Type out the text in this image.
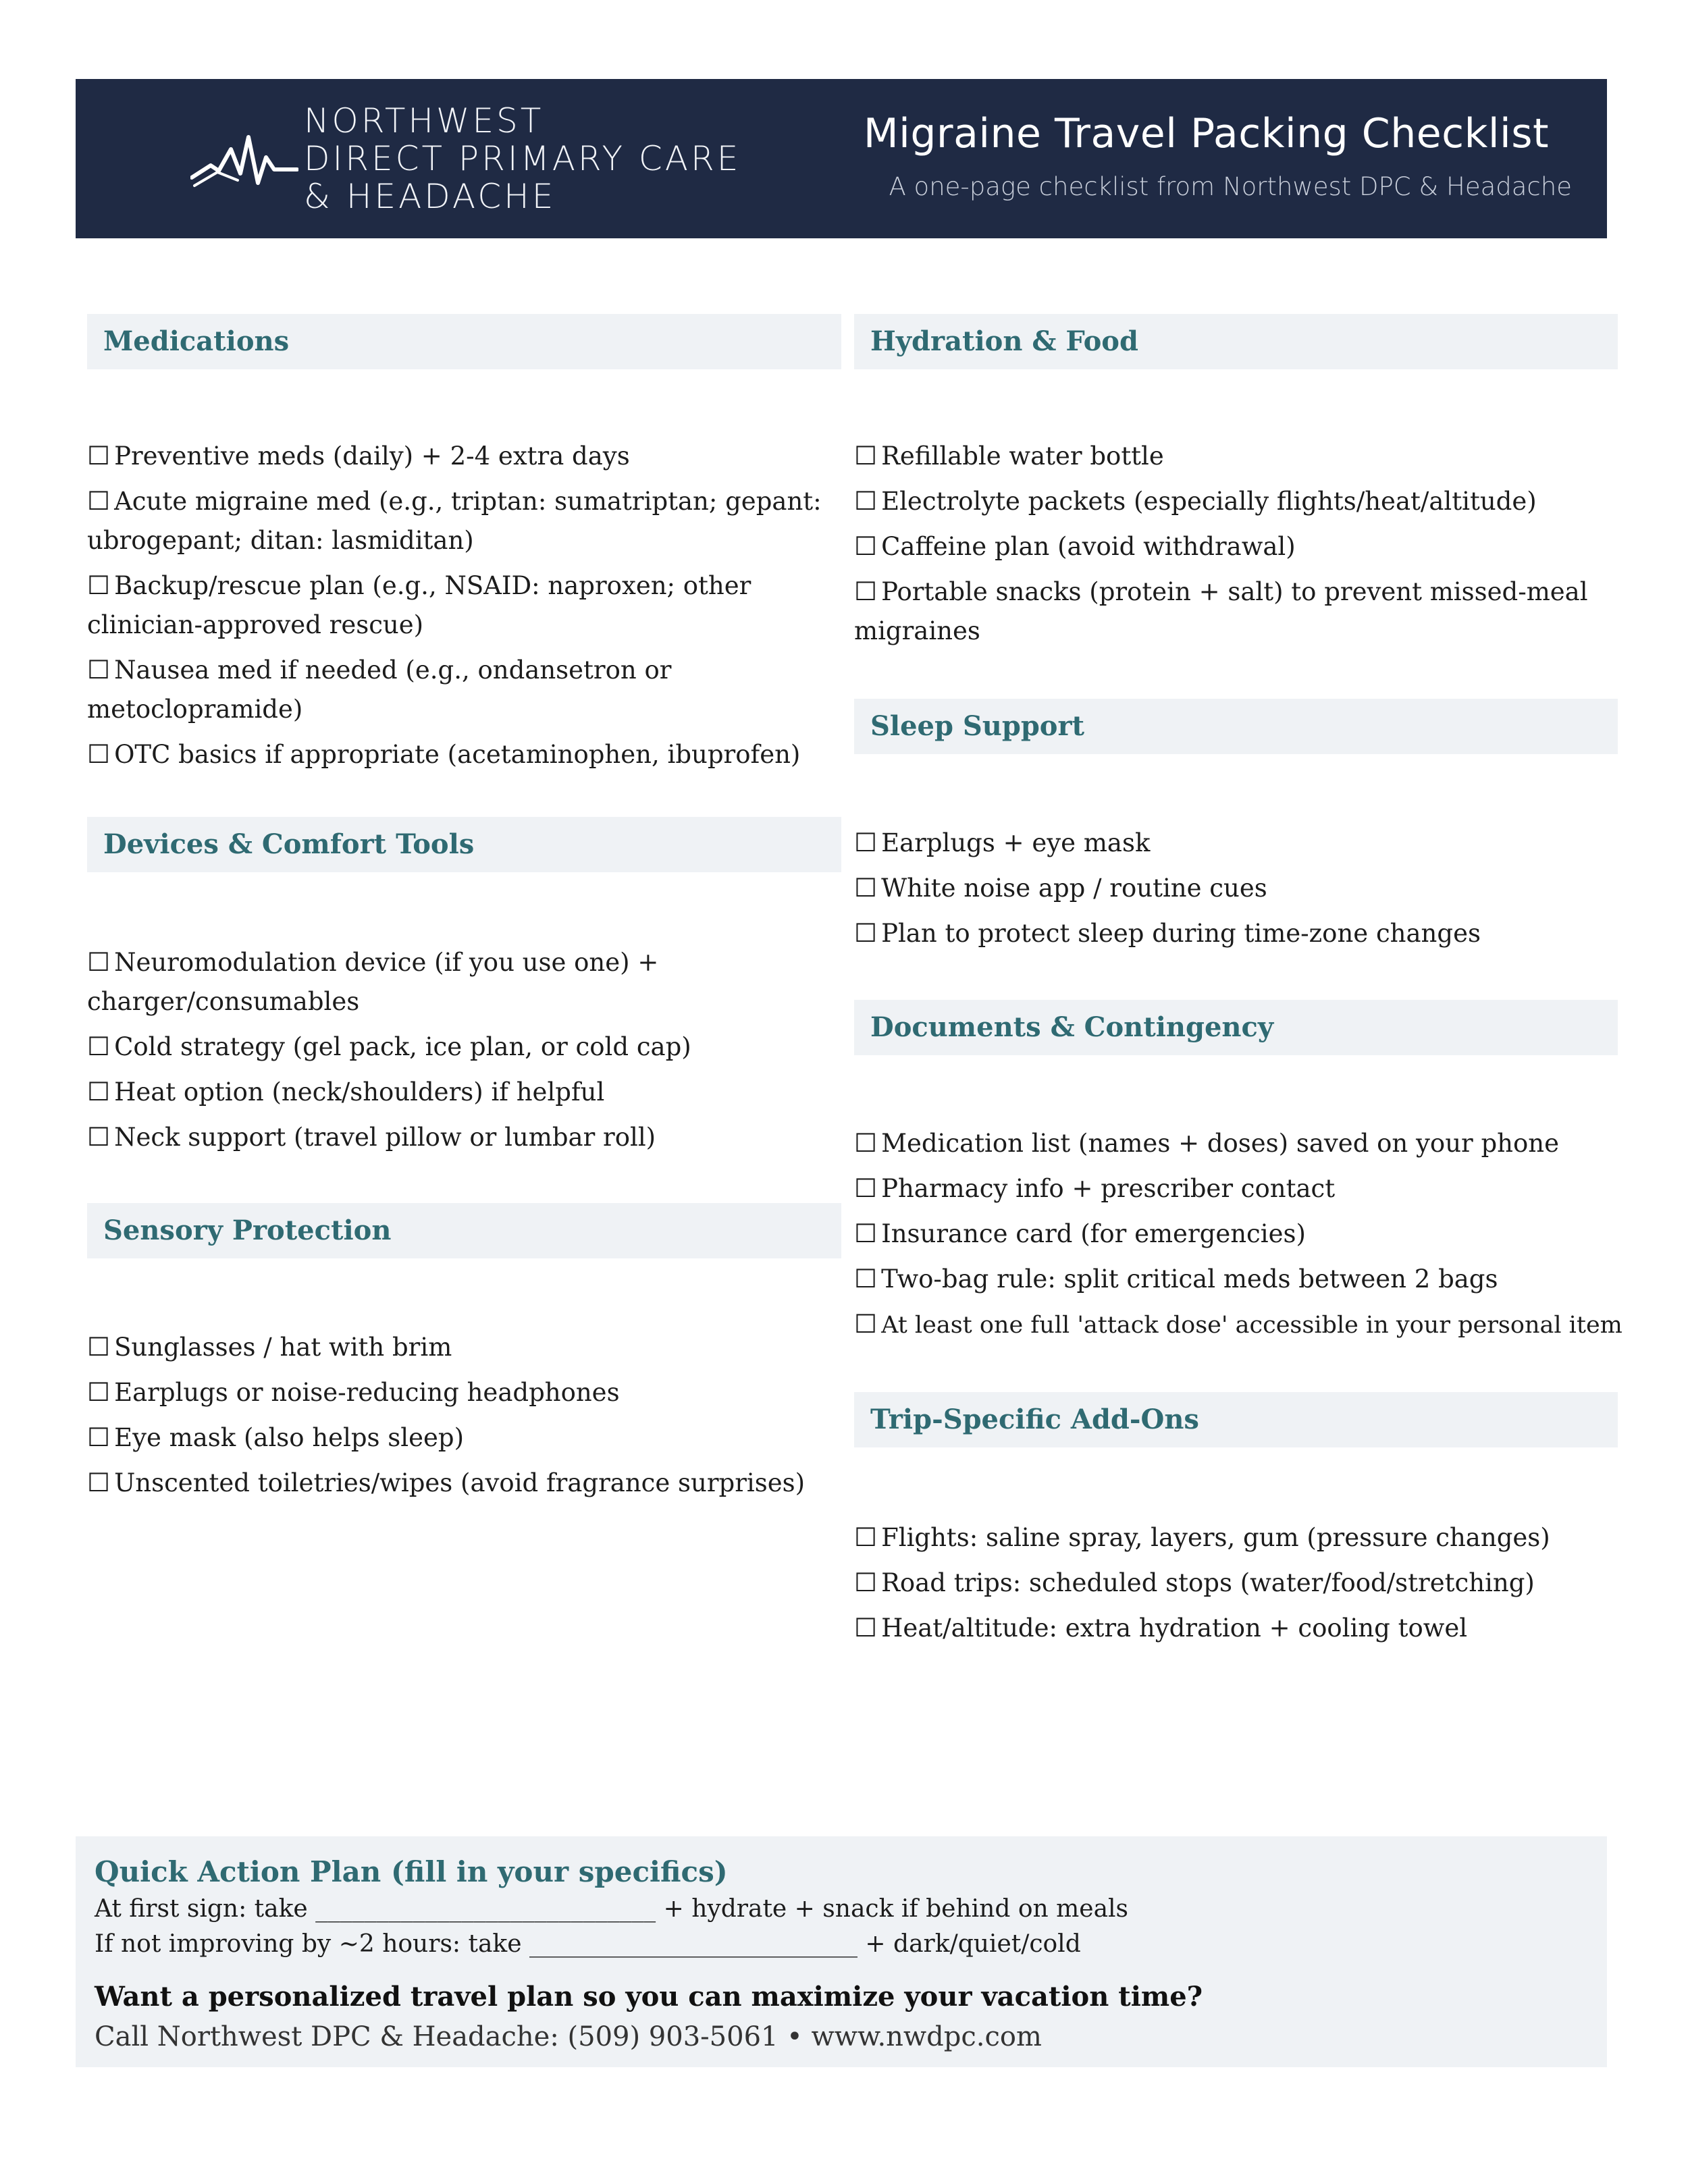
NORTHWEST
DIRECT PRIMARY CARE
& HEADACHE
Migraine Travel Packing Checklist
A one-page checklist from Northwest DPC & Headache
Medications
☐ Preventive meds (daily) + 2-4 extra days
☐ Acute migraine med (e.g., triptan: sumatriptan; gepant: ubrogepant; ditan: lasmiditan)
☐ Backup/rescue plan (e.g., NSAID: naproxen; other clinician-approved rescue)
☐ Nausea med if needed (e.g., ondansetron or metoclopramide)
☐ OTC basics if appropriate (acetaminophen, ibuprofen)
Devices & Comfort Tools
☐ Neuromodulation device (if you use one) + charger/consumables
☐ Cold strategy (gel pack, ice plan, or cold cap)
☐ Heat option (neck/shoulders) if helpful
☐ Neck support (travel pillow or lumbar roll)
Sensory Protection
☐ Sunglasses / hat with brim
☐ Earplugs or noise-reducing headphones
☐ Eye mask (also helps sleep)
☐ Unscented toiletries/wipes (avoid fragrance surprises)
Hydration & Food
☐ Refillable water bottle
☐ Electrolyte packets (especially flights/heat/altitude)
☐ Caffeine plan (avoid withdrawal)
☐ Portable snacks (protein + salt) to prevent missed-meal migraines
Sleep Support
☐ Earplugs + eye mask
☐ White noise app / routine cues
☐ Plan to protect sleep during time-zone changes
Documents & Contingency
☐ Medication list (names + doses) saved on your phone
☐ Pharmacy info + prescriber contact
☐ Insurance card (for emergencies)
☐ Two-bag rule: split critical meds between 2 bags
☐ At least one full 'attack dose' accessible in your personal item
Trip-Specific Add-Ons
☐ Flights: saline spray, layers, gum (pressure changes)
☐ Road trips: scheduled stops (water/food/stretching)
☐ Heat/altitude: extra hydration + cooling towel
Quick Action Plan (fill in your specifics)
At first sign: take ____________________________ + hydrate + snack if behind on meals
If not improving by ~2 hours: take ___________________________ + dark/quiet/cold
Want a personalized travel plan so you can maximize your vacation time?
Call Northwest DPC & Headache: (509) 903-5061 • www.nwdpc.com
